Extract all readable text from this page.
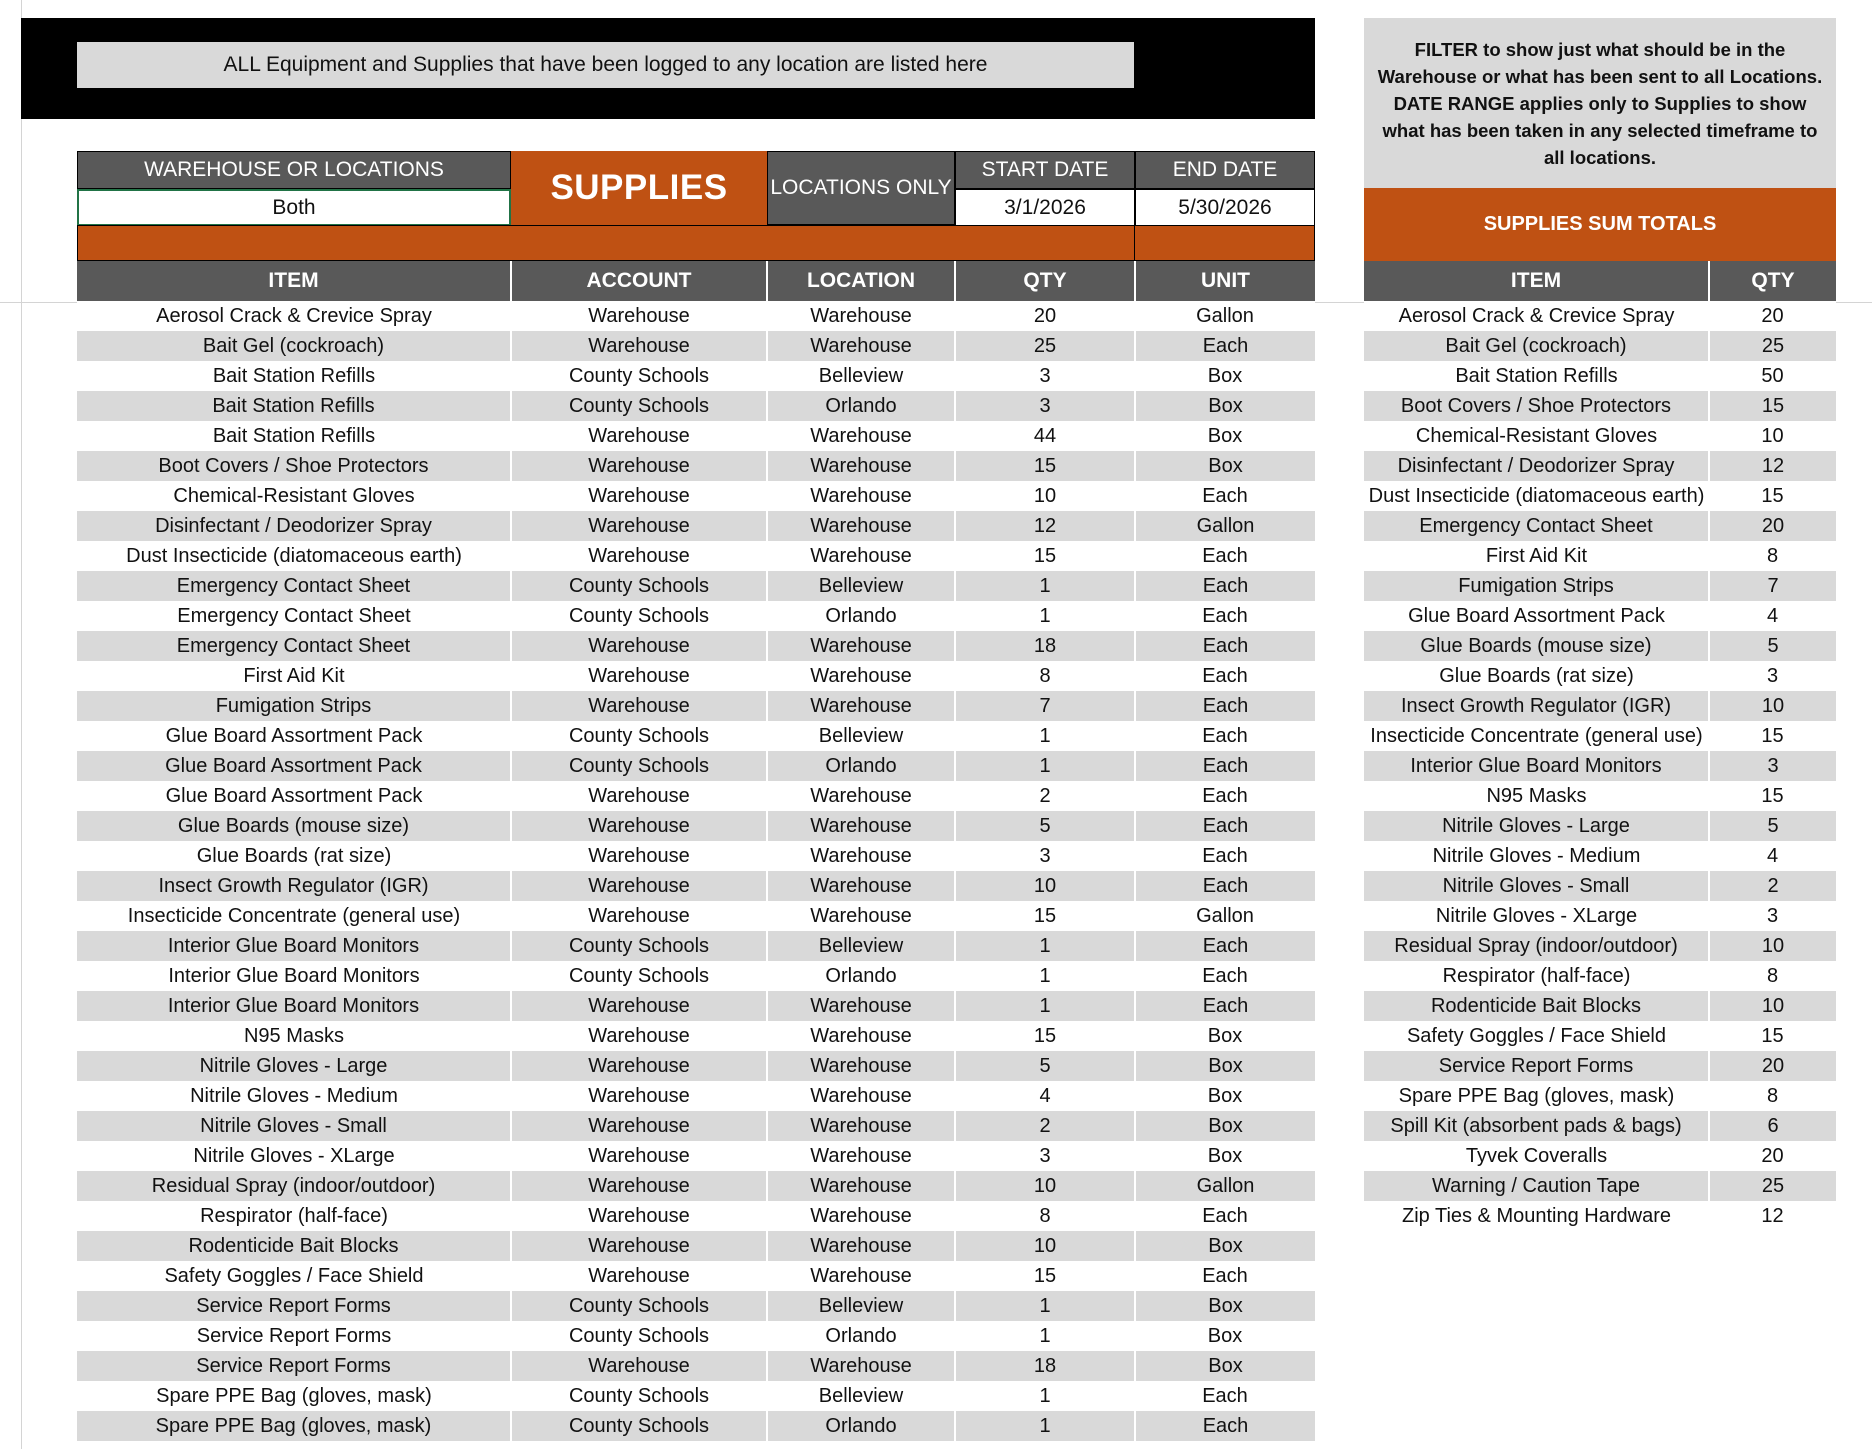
ALL Equipment and Supplies that have been logged to any location are listed here
WAREHOUSE OR LOCATIONS
Both	SUPPLIES	LOCATIONS ONLY
START DATE	END DATE
3/1/2026	5/30/2026
FILTER to show just what should be in the Warehouse or what has been sent to all Locations. DATE RANGE applies only to Supplies to show what has been taken in any selected timeframe to all locations.
SUPPLIES SUM TOTALS
ITEM	ACCOUNT	LOCATION	QTY	UNIT
Aerosol Crack & Crevice Spray	Warehouse	Warehouse	20	Gallon
Bait Gel (cockroach)	Warehouse	Warehouse	25	Each
Bait Station Refills	County Schools	Belleview	3	Box
Bait Station Refills	County Schools	Orlando	3	Box
Bait Station Refills	Warehouse	Warehouse	44	Box
Boot Covers / Shoe Protectors	Warehouse	Warehouse	15	Box
Chemical-Resistant Gloves	Warehouse	Warehouse	10	Each
Disinfectant / Deodorizer Spray	Warehouse	Warehouse	12	Gallon
Dust Insecticide (diatomaceous earth)	Warehouse	Warehouse	15	Each
Emergency Contact Sheet	County Schools	Belleview	1	Each
Emergency Contact Sheet	County Schools	Orlando	1	Each
Emergency Contact Sheet	Warehouse	Warehouse	18	Each
First Aid Kit	Warehouse	Warehouse	8	Each
Fumigation Strips	Warehouse	Warehouse	7	Each
Glue Board Assortment Pack	County Schools	Belleview	1	Each
Glue Board Assortment Pack	County Schools	Orlando	1	Each
Glue Board Assortment Pack	Warehouse	Warehouse	2	Each
Glue Boards (mouse size)	Warehouse	Warehouse	5	Each
Glue Boards (rat size)	Warehouse	Warehouse	3	Each
Insect Growth Regulator (IGR)	Warehouse	Warehouse	10	Each
Insecticide Concentrate (general use)	Warehouse	Warehouse	15	Gallon
Interior Glue Board Monitors	County Schools	Belleview	1	Each
Interior Glue Board Monitors	County Schools	Orlando	1	Each
Interior Glue Board Monitors	Warehouse	Warehouse	1	Each
N95 Masks	Warehouse	Warehouse	15	Box
Nitrile Gloves - Large	Warehouse	Warehouse	5	Box
Nitrile Gloves - Medium	Warehouse	Warehouse	4	Box
Nitrile Gloves - Small	Warehouse	Warehouse	2	Box
Nitrile Gloves - XLarge	Warehouse	Warehouse	3	Box
Residual Spray (indoor/outdoor)	Warehouse	Warehouse	10	Gallon
Respirator (half-face)	Warehouse	Warehouse	8	Each
Rodenticide Bait Blocks	Warehouse	Warehouse	10	Box
Safety Goggles / Face Shield	Warehouse	Warehouse	15	Each
Service Report Forms	County Schools	Belleview	1	Box
Service Report Forms	County Schools	Orlando	1	Box
Service Report Forms	Warehouse	Warehouse	18	Box
Spare PPE Bag (gloves, mask)	County Schools	Belleview	1	Each
Spare PPE Bag (gloves, mask)	County Schools	Orlando	1	Each
ITEM	QTY
Aerosol Crack & Crevice Spray	20
Bait Gel (cockroach)	25
Bait Station Refills	50
Boot Covers / Shoe Protectors	15
Chemical-Resistant Gloves	10
Disinfectant / Deodorizer Spray	12
Dust Insecticide (diatomaceous earth)	15
Emergency Contact Sheet	20
First Aid Kit	8
Fumigation Strips	7
Glue Board Assortment Pack	4
Glue Boards (mouse size)	5
Glue Boards (rat size)	3
Insect Growth Regulator (IGR)	10
Insecticide Concentrate (general use)	15
Interior Glue Board Monitors	3
N95 Masks	15
Nitrile Gloves - Large	5
Nitrile Gloves - Medium	4
Nitrile Gloves - Small	2
Nitrile Gloves - XLarge	3
Residual Spray (indoor/outdoor)	10
Respirator (half-face)	8
Rodenticide Bait Blocks	10
Safety Goggles / Face Shield	15
Service Report Forms	20
Spare PPE Bag (gloves, mask)	8
Spill Kit (absorbent pads & bags)	6
Tyvek Coveralls	20
Warning / Caution Tape	25
Zip Ties & Mounting Hardware	12
